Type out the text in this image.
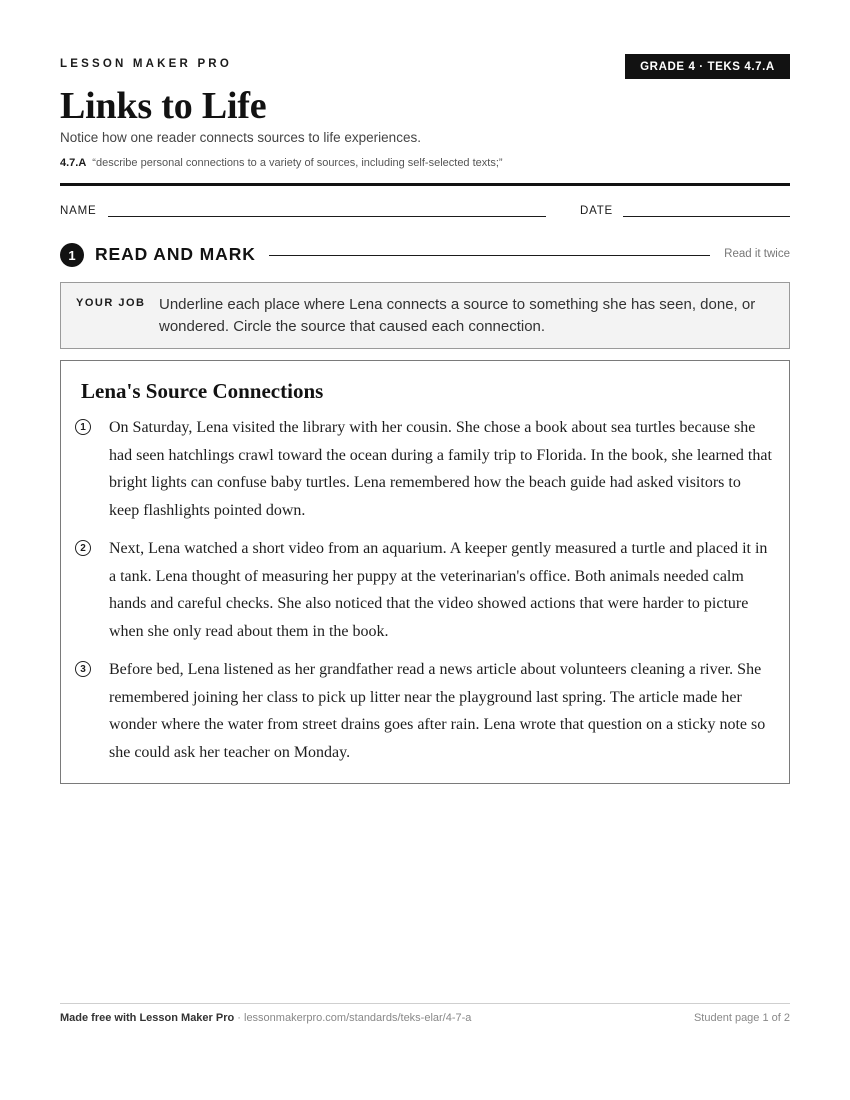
LESSON MAKER PRO	GRADE 4 · TEKS 4.7.A
Links to Life
Notice how one reader connects sources to life experiences.
4.7.A “describe personal connections to a variety of sources, including self-selected texts;”
NAME	DATE
1	READ AND MARK	Read it twice
YOUR JOB Underline each place where Lena connects a source to something she has seen, done, or wondered. Circle the source that caused each connection.
Lena's Source Connections
1	On Saturday, Lena visited the library with her cousin. She chose a book about sea turtles because she had seen hatchlings crawl toward the ocean during a family trip to Florida. In the book, she learned that bright lights can confuse baby turtles. Lena remembered how the beach guide had asked visitors to keep flashlights pointed down.
2	Next, Lena watched a short video from an aquarium. A keeper gently measured a turtle and placed it in a tank. Lena thought of measuring her puppy at the veterinarian's office. Both animals needed calm hands and careful checks. She also noticed that the video showed actions that were harder to picture when she only read about them in the book.
3	Before bed, Lena listened as her grandfather read a news article about volunteers cleaning a river. She remembered joining her class to pick up litter near the playground last spring. The article made her wonder where the water from street drains goes after rain. Lena wrote that question on a sticky note so she could ask her teacher on Monday.
Made free with Lesson Maker Pro · lessonmakerpro.com/standards/teks-elar/4-7-a	Student page 1 of 2
